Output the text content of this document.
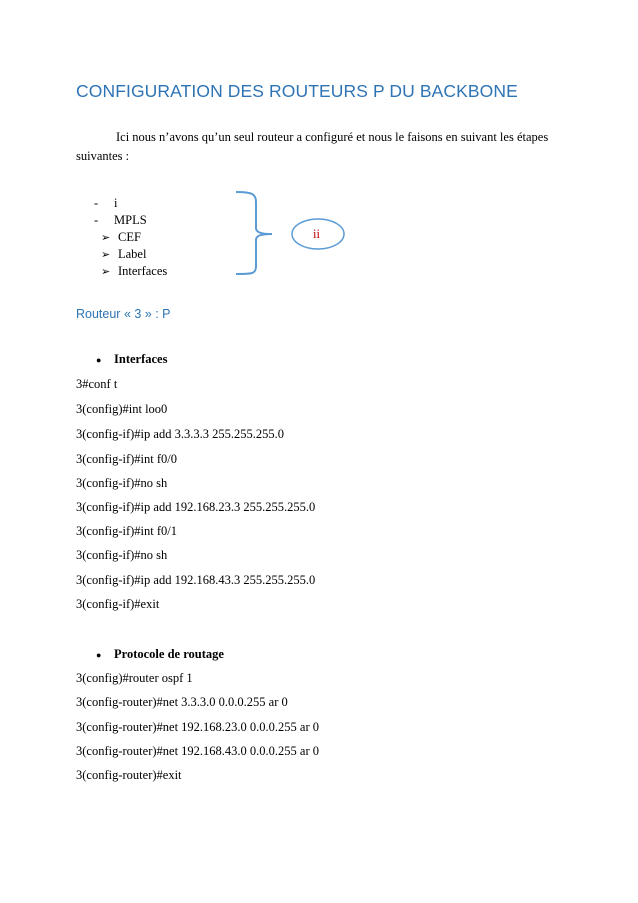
CONFIGURATION DES ROUTEURS P DU BACKBONE
Ici nous n’avons qu’un seul routeur a configuré et nous le faisons en suivant les étapes
suivantes :
- i
- MPLS
➢ CEF
➢ Label
➢ Interfaces
ii
Routeur « 3 » : P
● Interfaces
3#conf t
3(config)#int loo0
3(config-if)#ip add 3.3.3.3 255.255.255.0
3(config-if)#int f0/0
3(config-if)#no sh
3(config-if)#ip add 192.168.23.3 255.255.255.0
3(config-if)#int f0/1
3(config-if)#no sh
3(config-if)#ip add 192.168.43.3 255.255.255.0
3(config-if)#exit
● Protocole de routage
3(config)#router ospf 1
3(config-router)#net 3.3.3.0 0.0.0.255 ar 0
3(config-router)#net 192.168.23.0 0.0.0.255 ar 0
3(config-router)#net 192.168.43.0 0.0.0.255 ar 0
3(config-router)#exit
